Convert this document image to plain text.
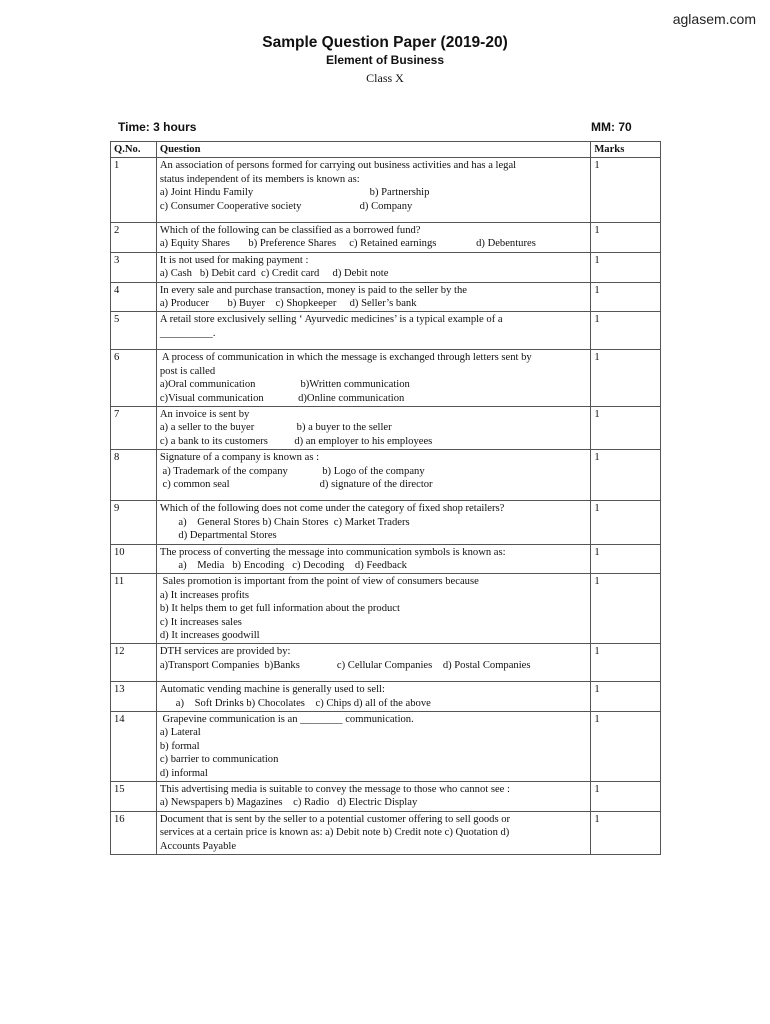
aglasem.com
Sample Question Paper (2019-20)
Element of Business
Class X
Time: 3 hours	MM: 70
Q.No.	Question	Marks
1	An association of persons formed for carrying out business activities and has a legal
status independent of its members is known as:
a) Joint Hindu Family                                            b) Partnership
c) Consumer Cooperative society                      d) Company	1
2	Which of the following can be classified as a borrowed fund?
a) Equity Shares       b) Preference Shares     c) Retained earnings               d) Debentures	1
3	It is not used for making payment :
a) Cash   b) Debit card  c) Credit card     d) Debit note	1
4	In every sale and purchase transaction, money is paid to the seller by the
a) Producer       b) Buyer    c) Shopkeeper     d) Seller’s bank	1
5	A retail store exclusively selling ‘ Ayurvedic medicines’ is a typical example of a
__________.	1
6	A process of communication in which the message is exchanged through letters sent by
post is called
a)Oral communication                 b)Written communication
c)Visual communication             d)Online communication	1
7	An invoice is sent by
a) a seller to the buyer                b) a buyer to the seller
c) a bank to its customers          d) an employer to his employees	1
8	Signature of a company is known as :
a) Trademark of the company             b) Logo of the company
c) common seal                                  d) signature of the director	1
9	Which of the following does not come under the category of fixed shop retailers?
a)    General Stores b) Chain Stores  c) Market Traders
d) Departmental Stores	1
10	The process of converting the message into communication symbols is known as:
a)    Media   b) Encoding   c) Decoding    d) Feedback	1
11	Sales promotion is important from the point of view of consumers because
a) It increases profits
b) It helps them to get full information about the product
c) It increases sales
d) It increases goodwill	1
12	DTH services are provided by:
a)Transport Companies  b)Banks              c) Cellular Companies    d) Postal Companies	1
13	Automatic vending machine is generally used to sell:
a)    Soft Drinks b) Chocolates    c) Chips d) all of the above	1
14	Grapevine communication is an ________ communication.
a) Lateral
b) formal
c) barrier to communication
d) informal	1
15	This advertising media is suitable to convey the message to those who cannot see :
a) Newspapers b) Magazines    c) Radio   d) Electric Display	1
16	Document that is sent by the seller to a potential customer offering to sell goods or
services at a certain price is known as: a) Debit note b) Credit note c) Quotation d)
Accounts Payable	1
